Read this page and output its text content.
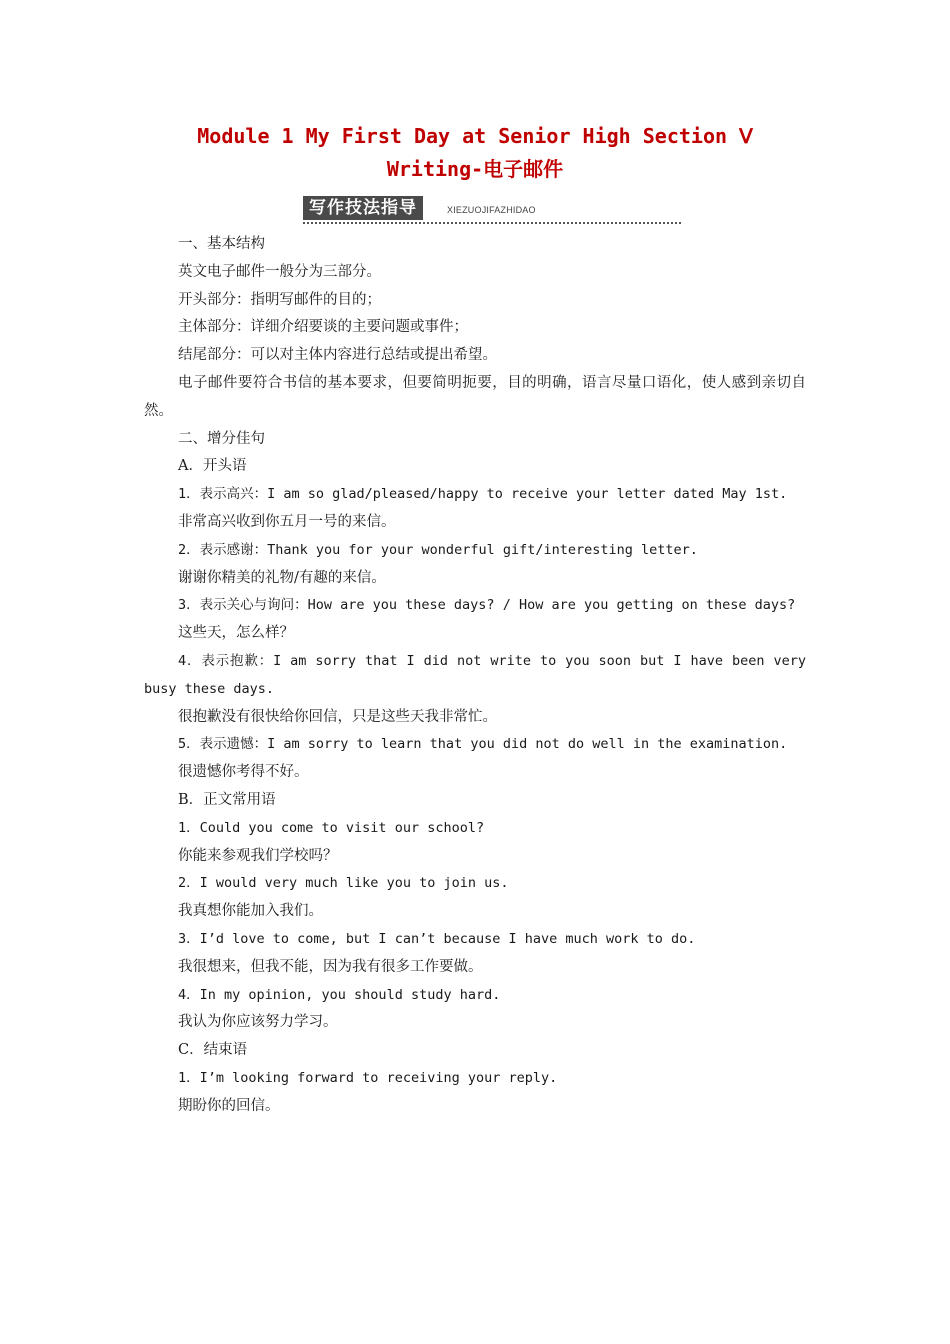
Module 1 My First Day at Senior High Section Ⅴ Writing-电子邮件
写作技法指导	XIEZUOJIFAZHIDAO

一、基本结构

英文电子邮件一般分为三部分。

开头部分：指明写邮件的目的；

主体部分：详细介绍要谈的主要问题或事件；

结尾部分：可以对主体内容进行总结或提出希望。

电子邮件要符合书信的基本要求，但要简明扼要，目的明确，语言尽量口语化，使人感到亲切自然。

二、增分佳句

A．开头语

1．表示高兴：I am so glad/pleased/happy to receive your letter dated May 1st.

非常高兴收到你五月一号的来信。

2．表示感谢：Thank you for your wonderful gift/interesting letter.

谢谢你精美的礼物/有趣的来信。

3．表示关心与询问：How are you these days? / How are you getting on these days?

这些天，怎么样？

4．表示抱歉：I am sorry that I did not write to you soon but I have been very busy these days.

很抱歉没有很快给你回信，只是这些天我非常忙。

5．表示遗憾：I am sorry to learn that you did not do well in the examination.

很遗憾你考得不好。

B．正文常用语

1．Could you come to visit our school?

你能来参观我们学校吗？

2．I would very much like you to join us.

我真想你能加入我们。

3．I’d love to come, but I can’t because I have much work to do.

我很想来，但我不能，因为我有很多工作要做。

4．In my opinion, you should study hard.

我认为你应该努力学习。

C．结束语

1．I’m looking forward to receiving your reply.

期盼你的回信。
